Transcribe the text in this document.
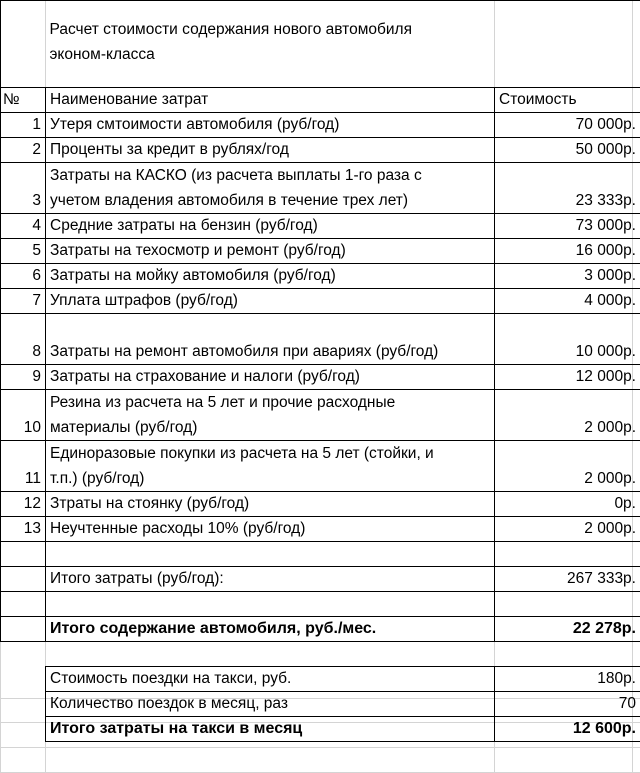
	Расчет стоимости содержания нового автомобиля
эконом-класса	

№	Наименование затрат	Стоимость
1	Утеря смтоимости автомобиля (руб/год)	70 000р.
2	Проценты за кредит в рублях/год	50 000р.
3	Затраты на КАСКО (из расчета выплаты 1-го раза с
учетом владения автомобиля в течение трех лет)	23 333р.
4	Средние затраты на бензин (руб/год)	73 000р.
5	Затраты на техосмотр и ремонт (руб/год)	16 000р.
6	Затраты на мойку автомобиля (руб/год)	3 000р.
7	Уплата штрафов (руб/год)	4 000р.
8	Затраты на ремонт автомобиля при авариях (руб/год)	10 000р.
9	Затраты на страхование и налоги (руб/год)	12 000р.
10	Резина из расчета на 5 лет и прочие расходные
материалы (руб/год)	2 000р.
11	Единоразовые покупки из расчета на 5 лет (стойки, и
т.п.) (руб/год)	2 000р.
12	Зтраты на стоянку (руб/год)	0р.
13	Неучтенные расходы 10% (руб/год)	2 000р.

	Итого затраты (руб/год):	267 333р.

	Итого содержание автомобиля, руб./мес.	22 278р.

	Стоимость поездки на такси, руб.	180р.
	Количество поездок в месяц, раз	70
	Итого затраты на такси в месяц	12 600р.
